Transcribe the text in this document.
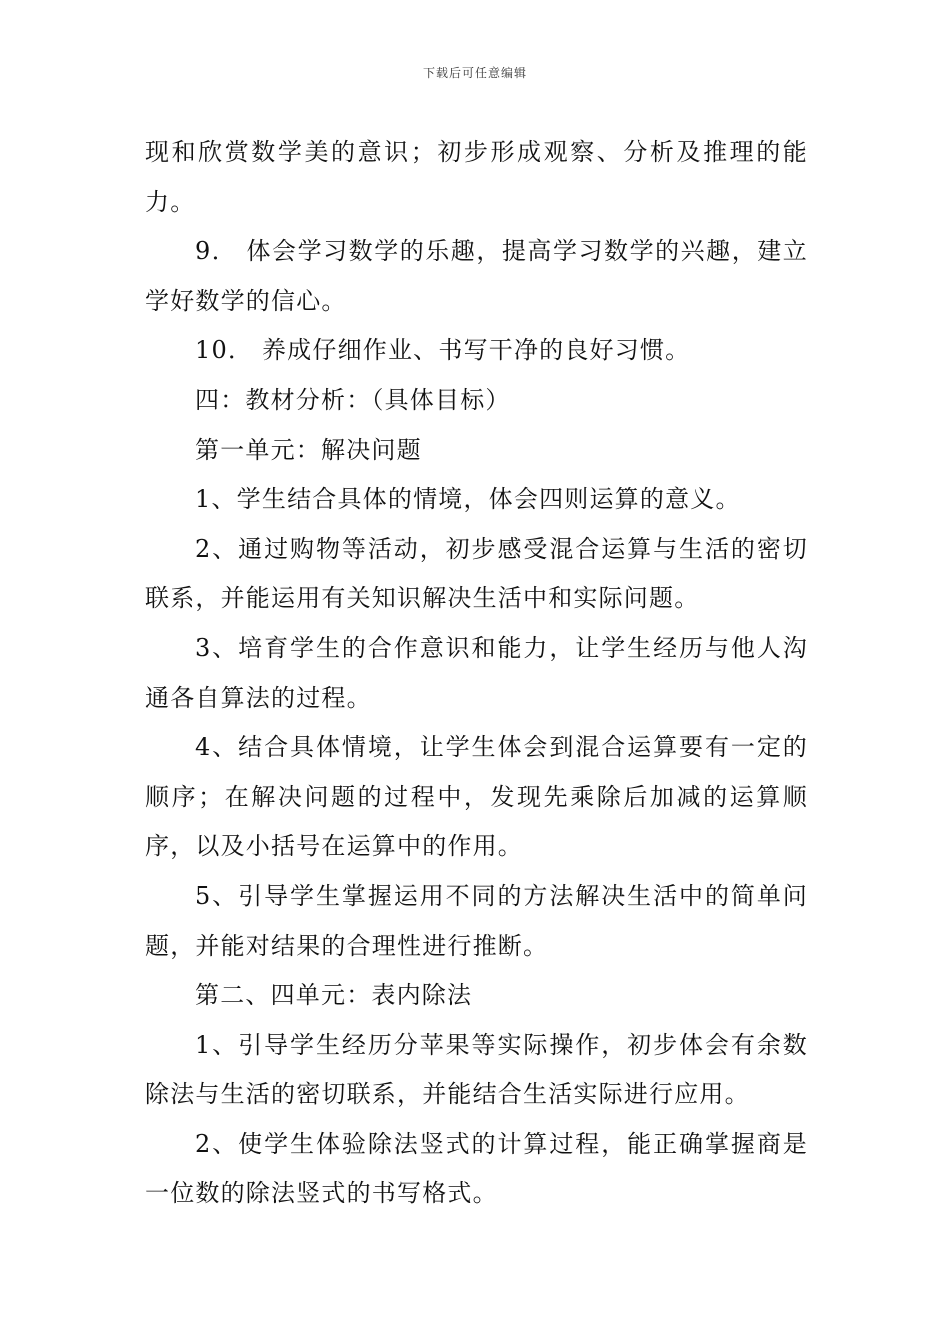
下载后可任意编辑

现和欣赏数学美的意识；初步形成观察、分析及推理的能力。

9． 体会学习数学的乐趣，提高学习数学的兴趣，建立学好数学的信心。

10． 养成仔细作业、书写干净的良好习惯。

四：教材分析：（具体目标）

第一单元：解决问题

1、学生结合具体的情境，体会四则运算的意义。

2、通过购物等活动，初步感受混合运算与生活的密切联系，并能运用有关知识解决生活中和实际问题。

3、培育学生的合作意识和能力，让学生经历与他人沟通各自算法的过程。

4、结合具体情境，让学生体会到混合运算要有一定的顺序；在解决问题的过程中，发现先乘除后加减的运算顺序，以及小括号在运算中的作用。

5、引导学生掌握运用不同的方法解决生活中的简单问题，并能对结果的合理性进行推断。

第二、四单元：表内除法

1、引导学生经历分苹果等实际操作，初步体会有余数除法与生活的密切联系，并能结合生活实际进行应用。

2、使学生体验除法竖式的计算过程，能正确掌握商是一位数的除法竖式的书写格式。
